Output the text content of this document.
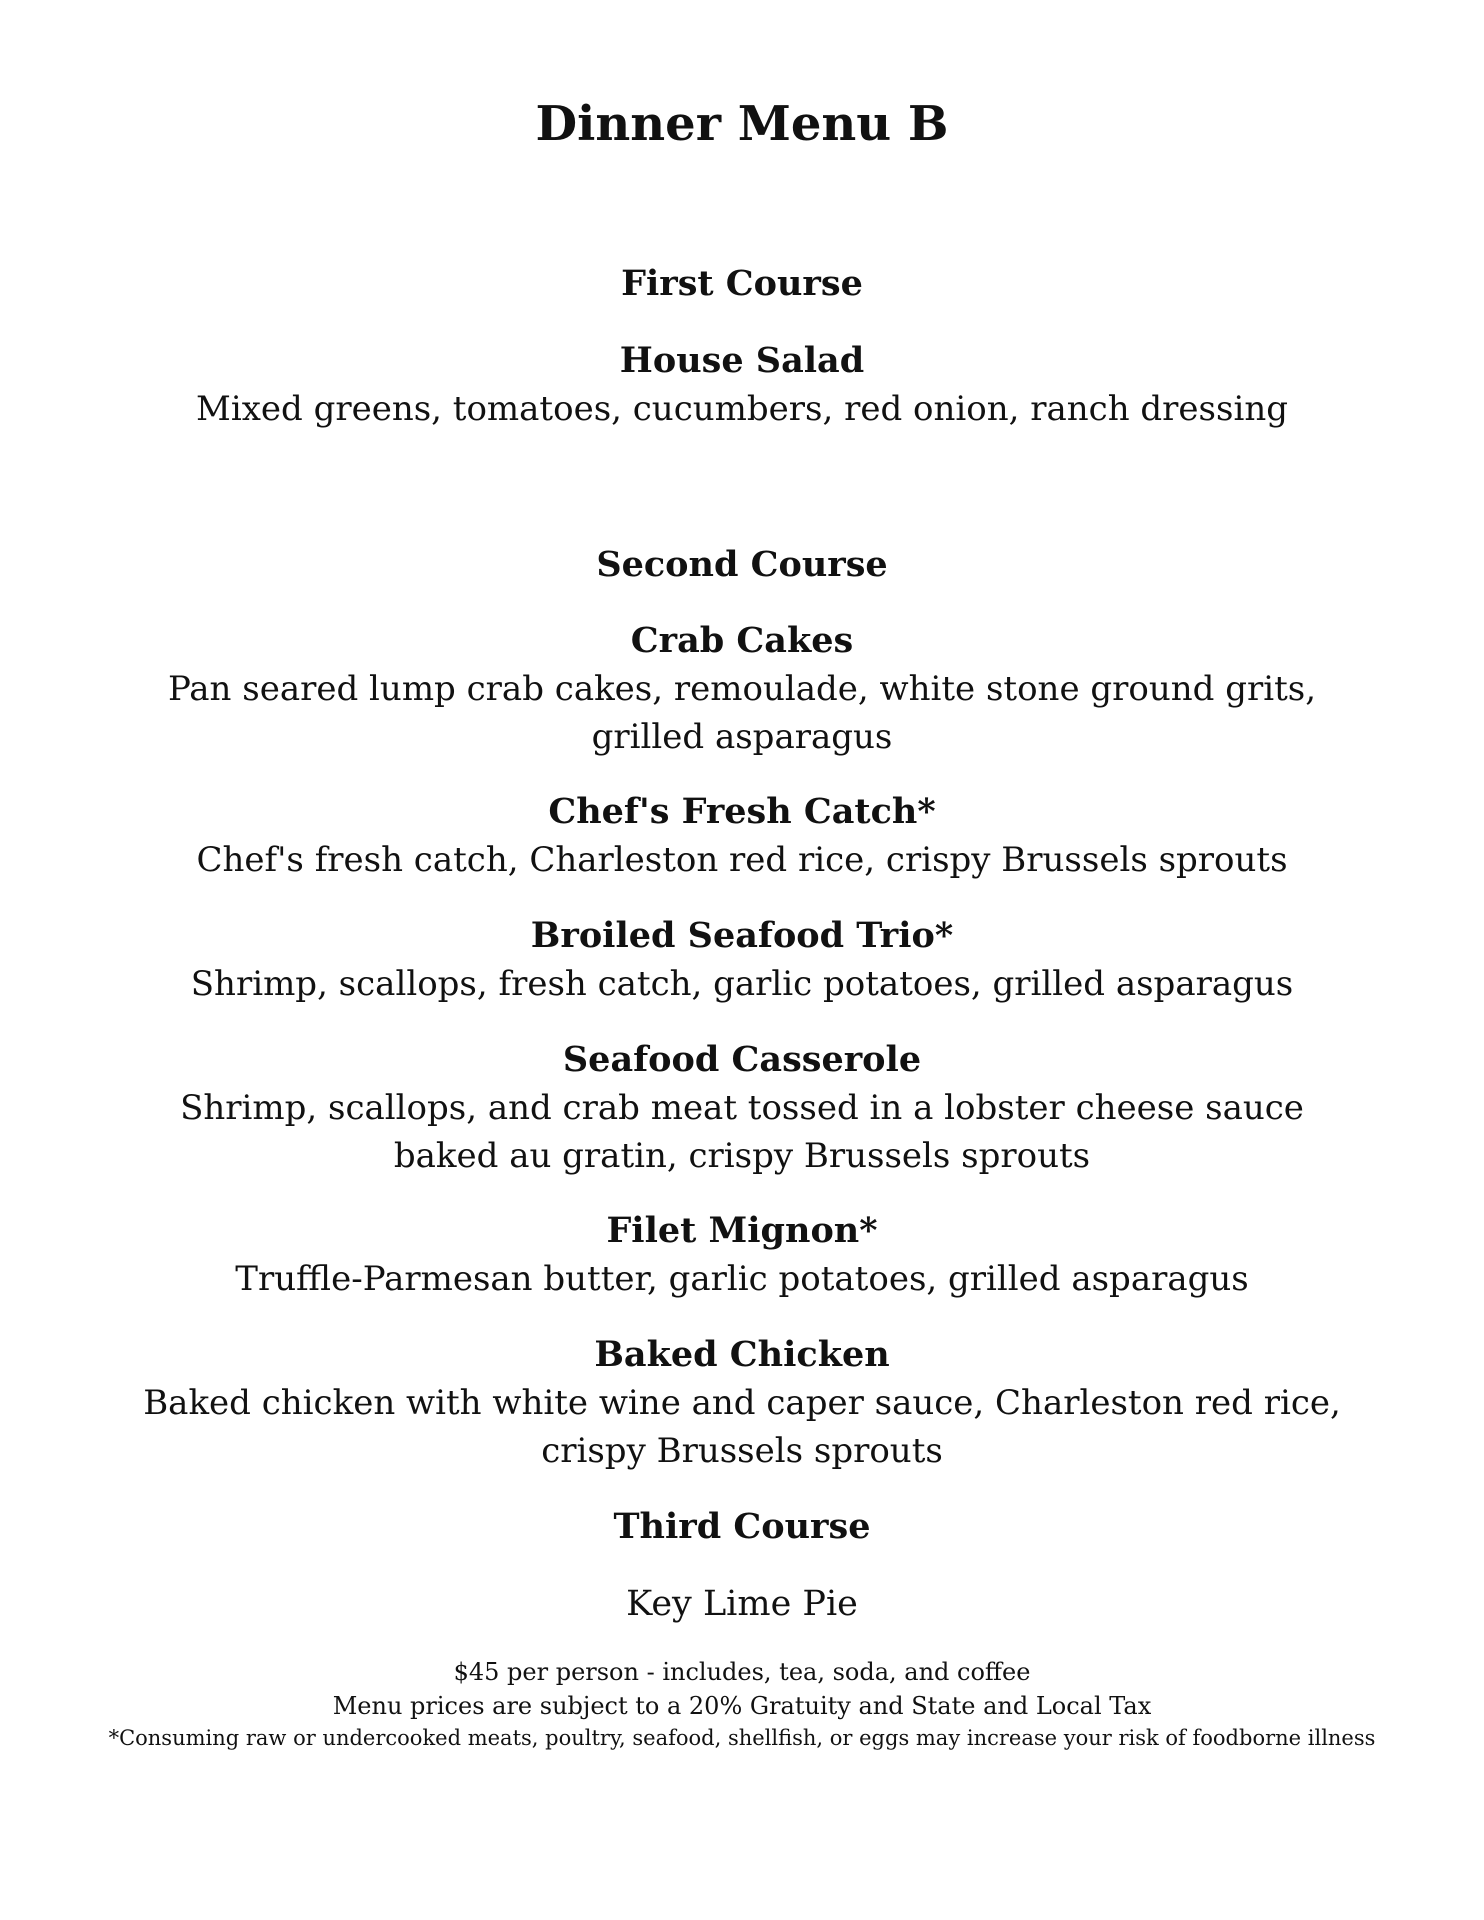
Dinner Menu B
First Course

House Salad

Mixed greens, tomatoes, cucumbers, red onion, ranch dressing

Second Course

Crab Cakes

Pan seared lump crab cakes, remoulade, white stone ground grits,

grilled asparagus

Chef's Fresh Catch*

Chef's fresh catch, Charleston red rice, crispy Brussels sprouts

Broiled Seafood Trio*

Shrimp, scallops, fresh catch, garlic potatoes, grilled asparagus

Seafood Casserole

Shrimp, scallops, and crab meat tossed in a lobster cheese sauce

baked au gratin, crispy Brussels sprouts

Filet Mignon*

Truffle-Parmesan butter, garlic potatoes, grilled asparagus

Baked Chicken

Baked chicken with white wine and caper sauce, Charleston red rice,

crispy Brussels sprouts

Third Course

Key Lime Pie

$45 per person - includes, tea, soda, and coffee

Menu prices are subject to a 20% Gratuity and State and Local Tax

*Consuming raw or undercooked meats, poultry, seafood, shellfish, or eggs may increase your risk of foodborne illness
